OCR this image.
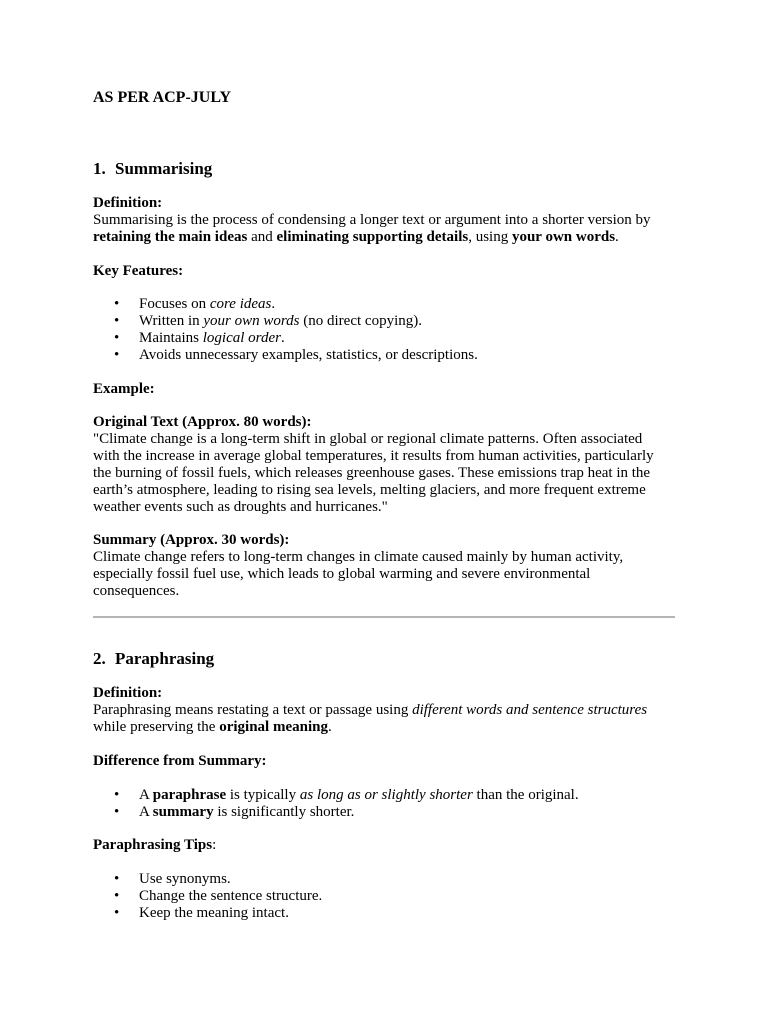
AS PER ACP-JULY
1. Summarising
Definition:

Summarising is the process of condensing a longer text or argument into a shorter version by

retaining the main ideas and eliminating supporting details, using your own words.

Key Features:
• Focuses on core ideas.
• Written in your own words (no direct copying).
• Maintains logical order.
• Avoids unnecessary examples, statistics, or descriptions.
Example:
Original Text (Approx. 80 words):

"Climate change is a long-term shift in global or regional climate patterns. Often associated

with the increase in average global temperatures, it results from human activities, particularly

the burning of fossil fuels, which releases greenhouse gases. These emissions trap heat in the

earth’s atmosphere, leading to rising sea levels, melting glaciers, and more frequent extreme

weather events such as droughts and hurricanes."

Summary (Approx. 30 words):

Climate change refers to long-term changes in climate caused mainly by human activity,

especially fossil fuel use, which leads to global warming and severe environmental

consequences.

2. Paraphrasing
Definition:

Paraphrasing means restating a text or passage using different words and sentence structures

while preserving the original meaning.

Difference from Summary:
• A paraphrase is typically as long as or slightly shorter than the original.
• A summary is significantly shorter.
Paraphrasing Tips:
• Use synonyms.
• Change the sentence structure.
• Keep the meaning intact.
